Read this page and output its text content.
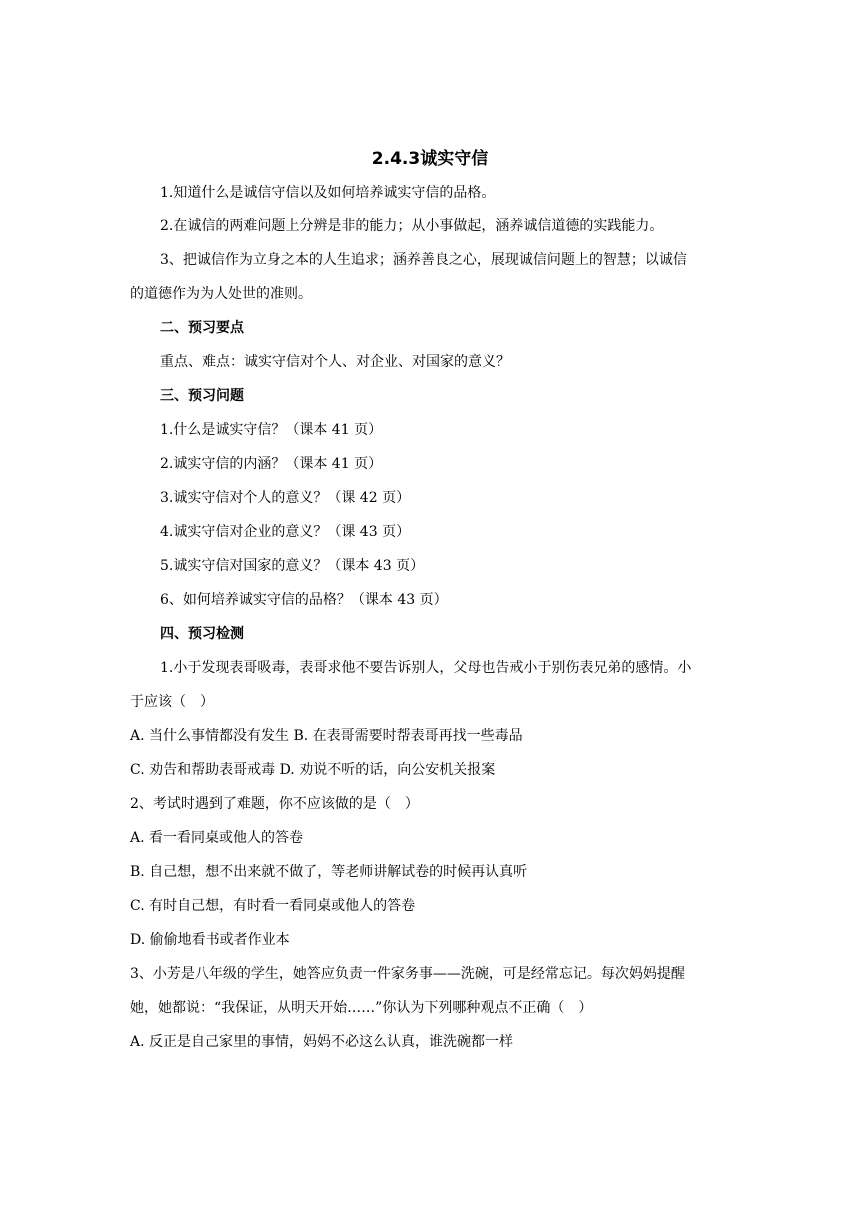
2.4.3诚实守信
1.知道什么是诚信守信以及如何培养诚实守信的品格。
2.在诚信的两难问题上分辨是非的能力；从小事做起，涵养诚信道德的实践能力。
3、把诚信作为立身之本的人生追求；涵养善良之心，展现诚信问题上的智慧；以诚信
的道德作为为人处世的准则。
二、预习要点
重点、难点：诚实守信对个人、对企业、对国家的意义？
三、预习问题
1.什么是诚实守信？（课本 41 页）
2.诚实守信的内涵？（课本 41 页）
3.诚实守信对个人的意义？（课 42 页）
4.诚实守信对企业的意义？（课 43 页）
5.诚实守信对国家的意义？（课本 43 页）
6、如何培养诚实守信的品格？（课本 43 页）
四、预习检测
1.小于发现表哥吸毒，表哥求他不要告诉别人，父母也告戒小于别伤表兄弟的感情。小
于应该（　）
A. 当什么事情都没有发生 B. 在表哥需要时帮表哥再找一些毒品
C. 劝告和帮助表哥戒毒 D. 劝说不听的话，向公安机关报案
2、考试时遇到了难题，你不应该做的是（　）
A. 看一看同桌或他人的答卷
B. 自己想，想不出来就不做了，等老师讲解试卷的时候再认真听
C. 有时自己想，有时看一看同桌或他人的答卷
D. 偷偷地看书或者作业本
3、小芳是八年级的学生，她答应负责一件家务事——洗碗，可是经常忘记。每次妈妈提醒
她，她都说：“我保证，从明天开始……”你认为下列哪种观点不正确（　）
A. 反正是自己家里的事情，妈妈不必这么认真，谁洗碗都一样
